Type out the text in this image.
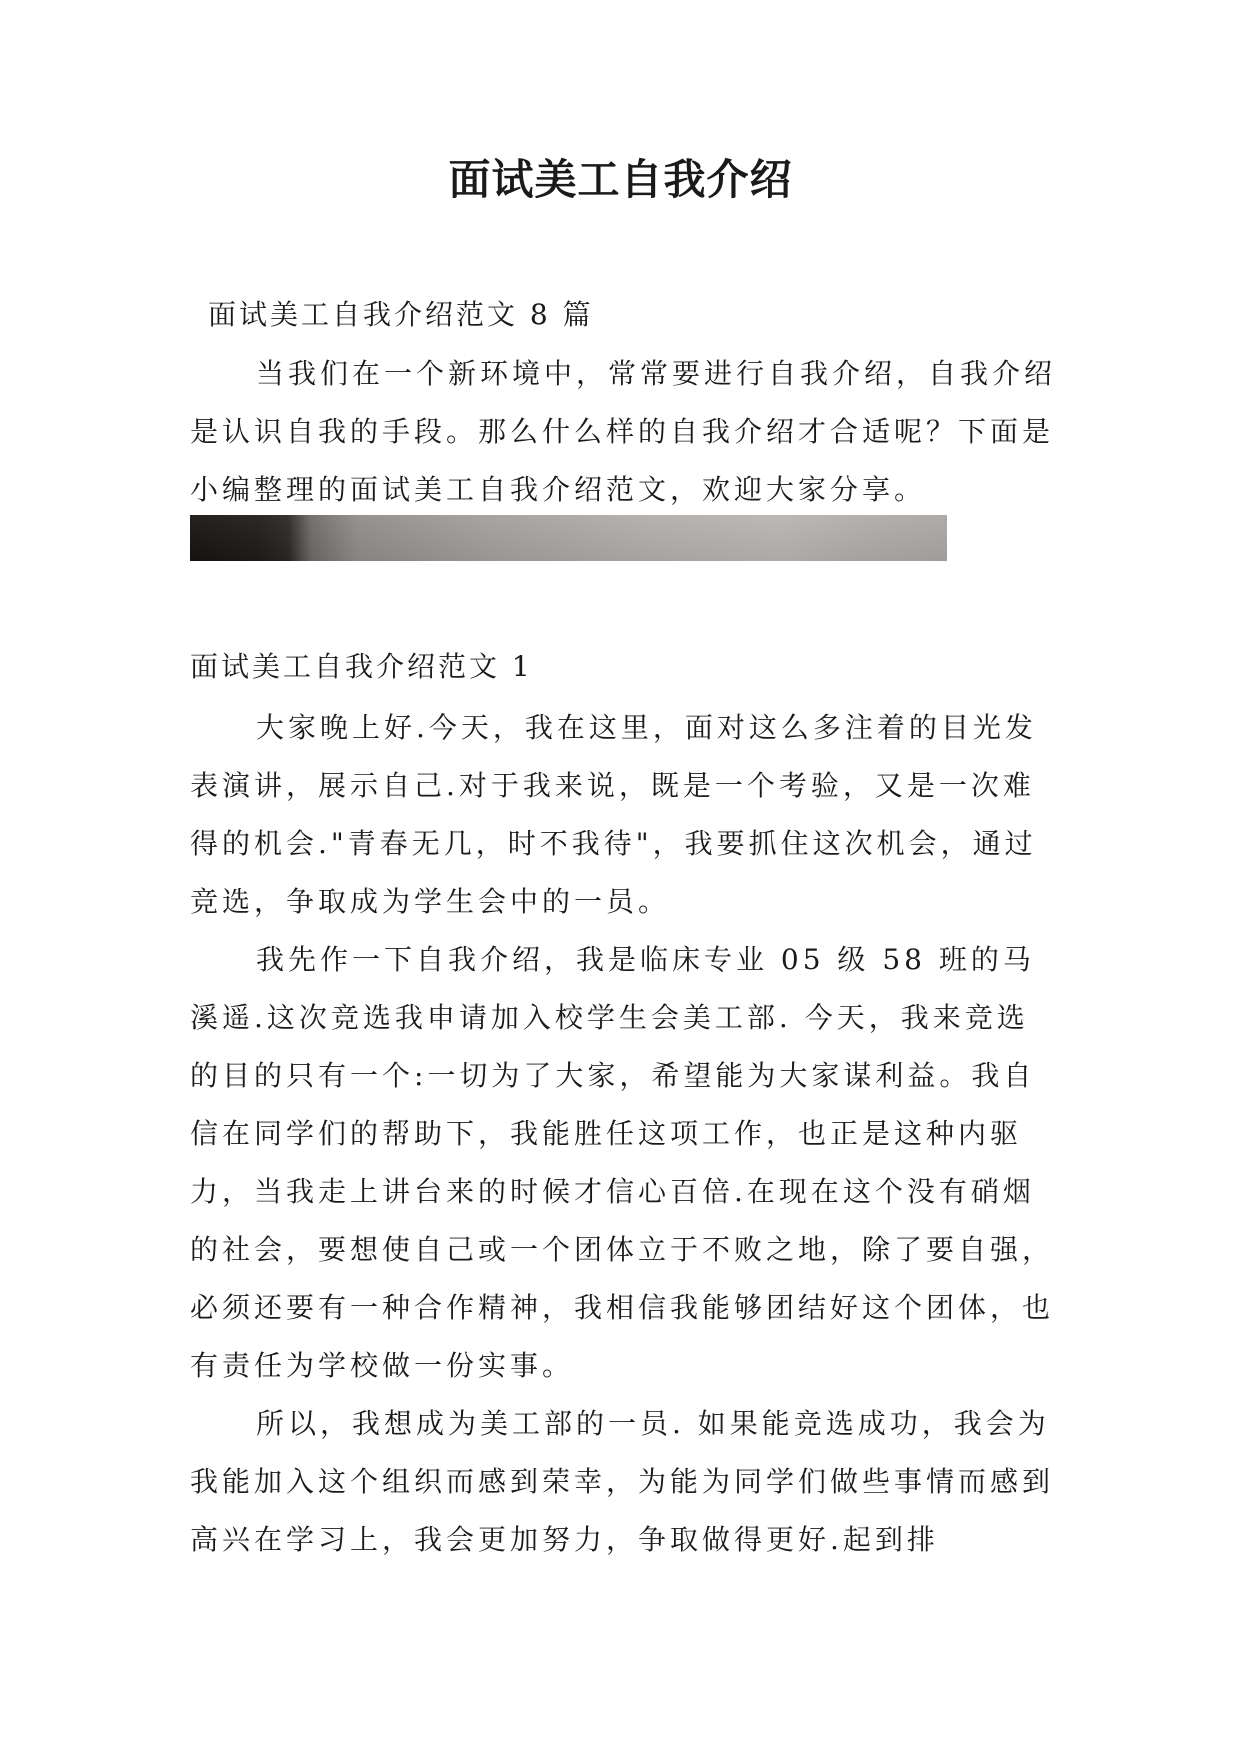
面试美工自我介绍

面试美工自我介绍范文 8 篇

当我们在一个新环境中，常常要进行自我介绍，自我介绍是认识自我的手段。那么什么样的自我介绍才合适呢？下面是小编整理的面试美工自我介绍范文，欢迎大家分享。

面试美工自我介绍范文 1

大家晚上好.今天，我在这里，面对这么多注着的目光发表演讲，展示自己.对于我来说，既是一个考验，又是一次难得的机会."青春无几，时不我待"，我要抓住这次机会，通过竞选，争取成为学生会中的一员。

我先作一下自我介绍，我是临床专业 05 级 58 班的马溪遥.这次竞选我申请加入校学生会美工部. 今天，我来竞选的目的只有一个:一切为了大家，希望能为大家谋利益。我自信在同学们的帮助下，我能胜任这项工作，也正是这种内驱力，当我走上讲台来的时候才信心百倍.在现在这个没有硝烟的社会，要想使自己或一个团体立于不败之地，除了要自强，必须还要有一种合作精神，我相信我能够团结好这个团体，也有责任为学校做一份实事。

所以，我想成为美工部的一员. 如果能竞选成功，我会为我能加入这个组织而感到荣幸，为能为同学们做些事情而感到高兴在学习上，我会更加努力，争取做得更好.起到排
